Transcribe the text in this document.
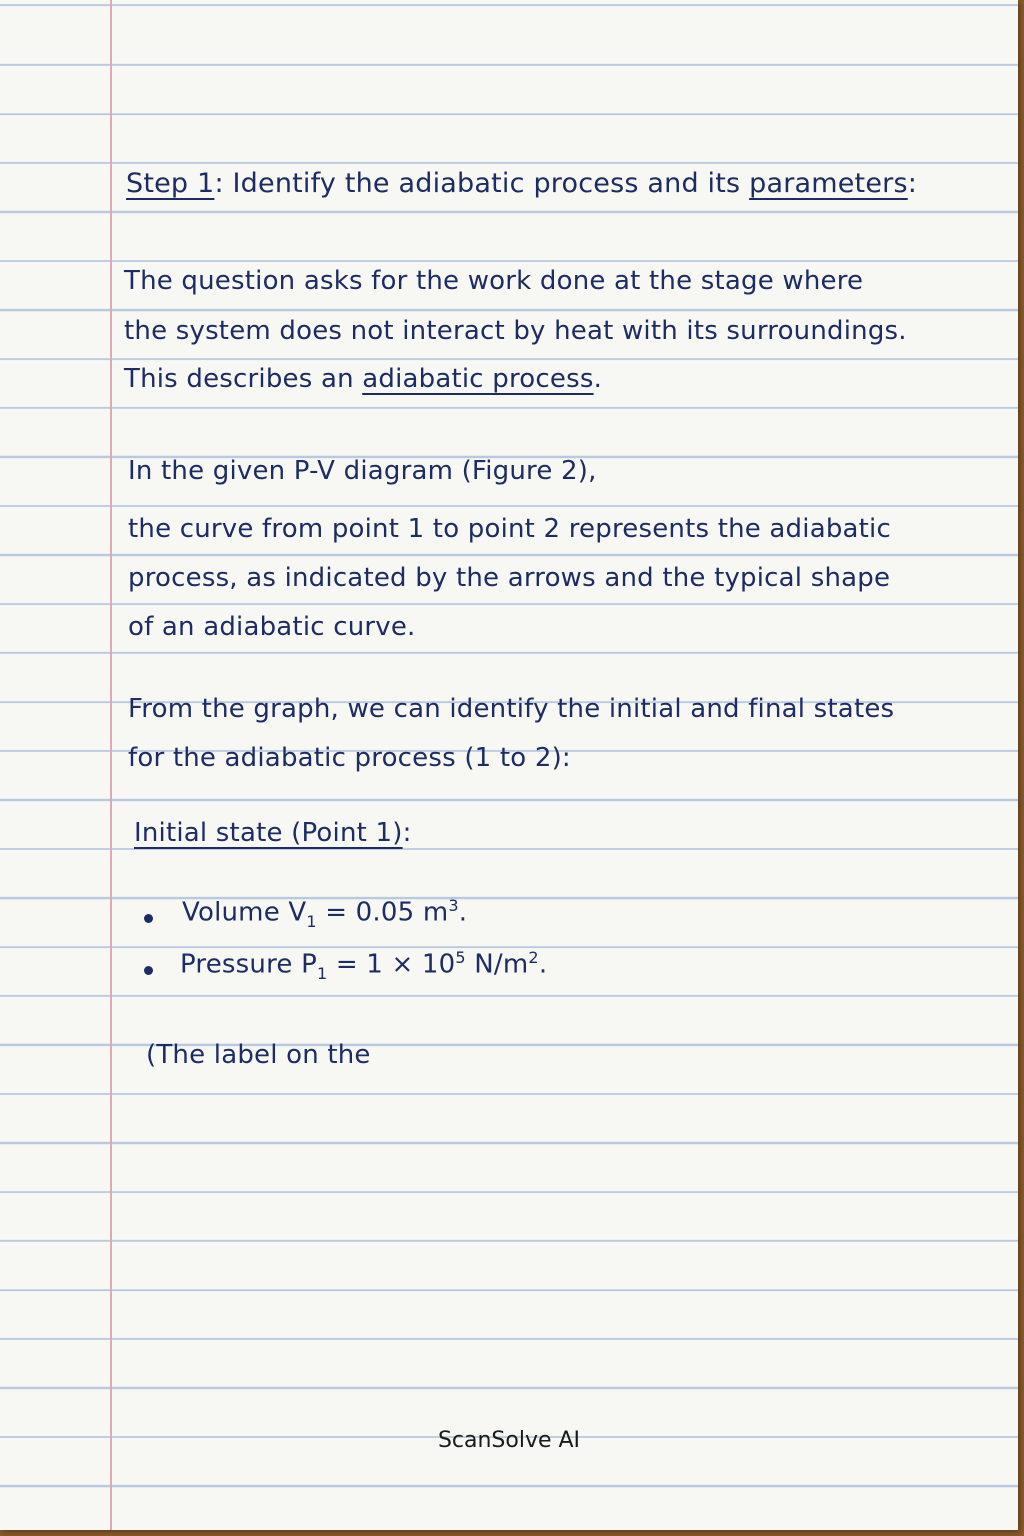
Step 1: Identify the adiabatic process and its parameters:
The question asks for the work done at the stage where
the system does not interact by heat with its surroundings.
This describes an adiabatic process.
In the given P-V diagram (Figure 2),
the curve from point 1 to point 2 represents the adiabatic
process, as indicated by the arrows and the typical shape
of an adiabatic curve.
From the graph, we can identify the initial and final states
for the adiabatic process (1 to 2):
Initial state (Point 1):
Volume $V_1 = 0.05$ $m^3$.
Pressure $P_1 = 1 \times 10^5$ $N/m^2$.
(The label on the
ScanSolve AI
